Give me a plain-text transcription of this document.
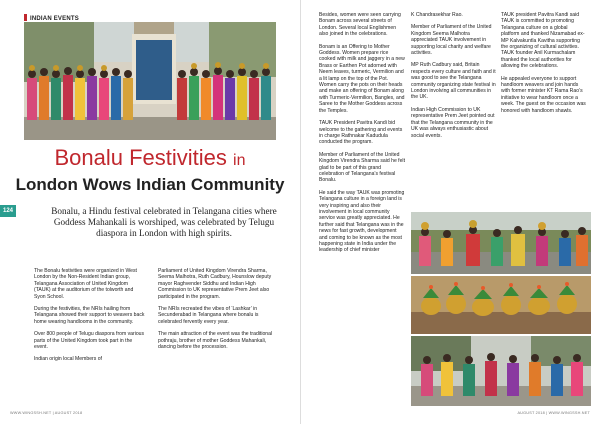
INDIAN EVENTS
Bonalu Festivities in
London Wows Indian Community
124	Bonalu, a Hindu festival celebrated in Telangana cities where Goddess Mahankali is worshiped, was celebrated by Telugu diaspora in London with high spirits.

The Bonalu festivities were organized in West London by the Non-Resident Indian group, Telangana Association of United Kingdom (TAUK) at the auditorium of the tolworth and Syon School.

During the festivities, the NRIs hailing from Telangana showed their support to weavers back home wearing handlooms in the community.

Over 800 people of Telugu diaspora from various parts of the United Kingdom took part in the event.

Indian origin local Members of

Parliament of United Kingdom Virendra Sharma, Seema Malhotra, Ruth Cadbury, Hounslow deputy mayor Raghvender Siddhu and Indian High Commission to UK representative Prem Jeet also participated in the program.

The NRIs recreated the vibes of ‘Lashkar’ in Secunderabad in Telangana where bonalu is celebrated fervently every year.

The main attraction of the event was the traditional pothraju, brother of mother Goddess Mahankali, dancing before the procession.

WWW.WINGSSH.NET | AUGUST 2018

Besides, women were seen carrying Bonam across several streets of London. Several local Englishmen also joined in the celebrations.

Bonam is an Offering to Mother Goddess. Women prepare rice cooked with milk and jaggery in a new Brass or Earthen Pot adorned with Neem leaves, turmeric, Vermilion and a lit lamp on the top of the Pot. Women carry the pots on their heads and make an offering of Bonam along with Turmeric-Vermilion, Bangles, and Saree to the Mother Goddess across the Temples.

TAUK President Pavitra Kandi bid welcome to the gathering and events in charge Rathnakar Kadudula conducted the program.

Member of Parliament of the United Kingdom Virendra Sharma said he felt glad to be part of this grand celebration of Telangana’s festival Bonalu.

He said the way TAUK was promoting Telangana culture in a foreign land is very inspiring and also their involvement in local community service was greatly appreciated. He further said that Telangana was in the news for fast growth, development and coming to be known as the most happening state in India under the leadership of chief minister

K Chandrasekhar Rao.

Member of Parliament of the United Kingdom Seema Malhotra appreciated TAUK involvement in supporting local charity and welfare activities.

MP Ruth Cadbury said, Britain respects every culture and faith and it was good to see the Telangana community organizing state festival in London involving all communities in the UK.

Indian High Commission to UK representative Prem Jeet pointed out that the Telangana community in the UK was always enthusiastic about social events.

TAUK president Pavitra Kandi said TAUK is committed to promoting Telangana culture on a global platform and thanked Nizamabad ex-MP Kalvakuntla Kavitha supporting the organizing of cultural activities. TAUK founder Anil Kurmachalam thanked the local authorities for allowing the celebrations.

He appealed everyone to support handloom weavers and join hands with former minister KT Rama Rao’s initiative to wear handloom once a week. The guest on the occasion was honored with handloom shawls.

AUGUST 2018 | WWW.WINGSSH.NET
